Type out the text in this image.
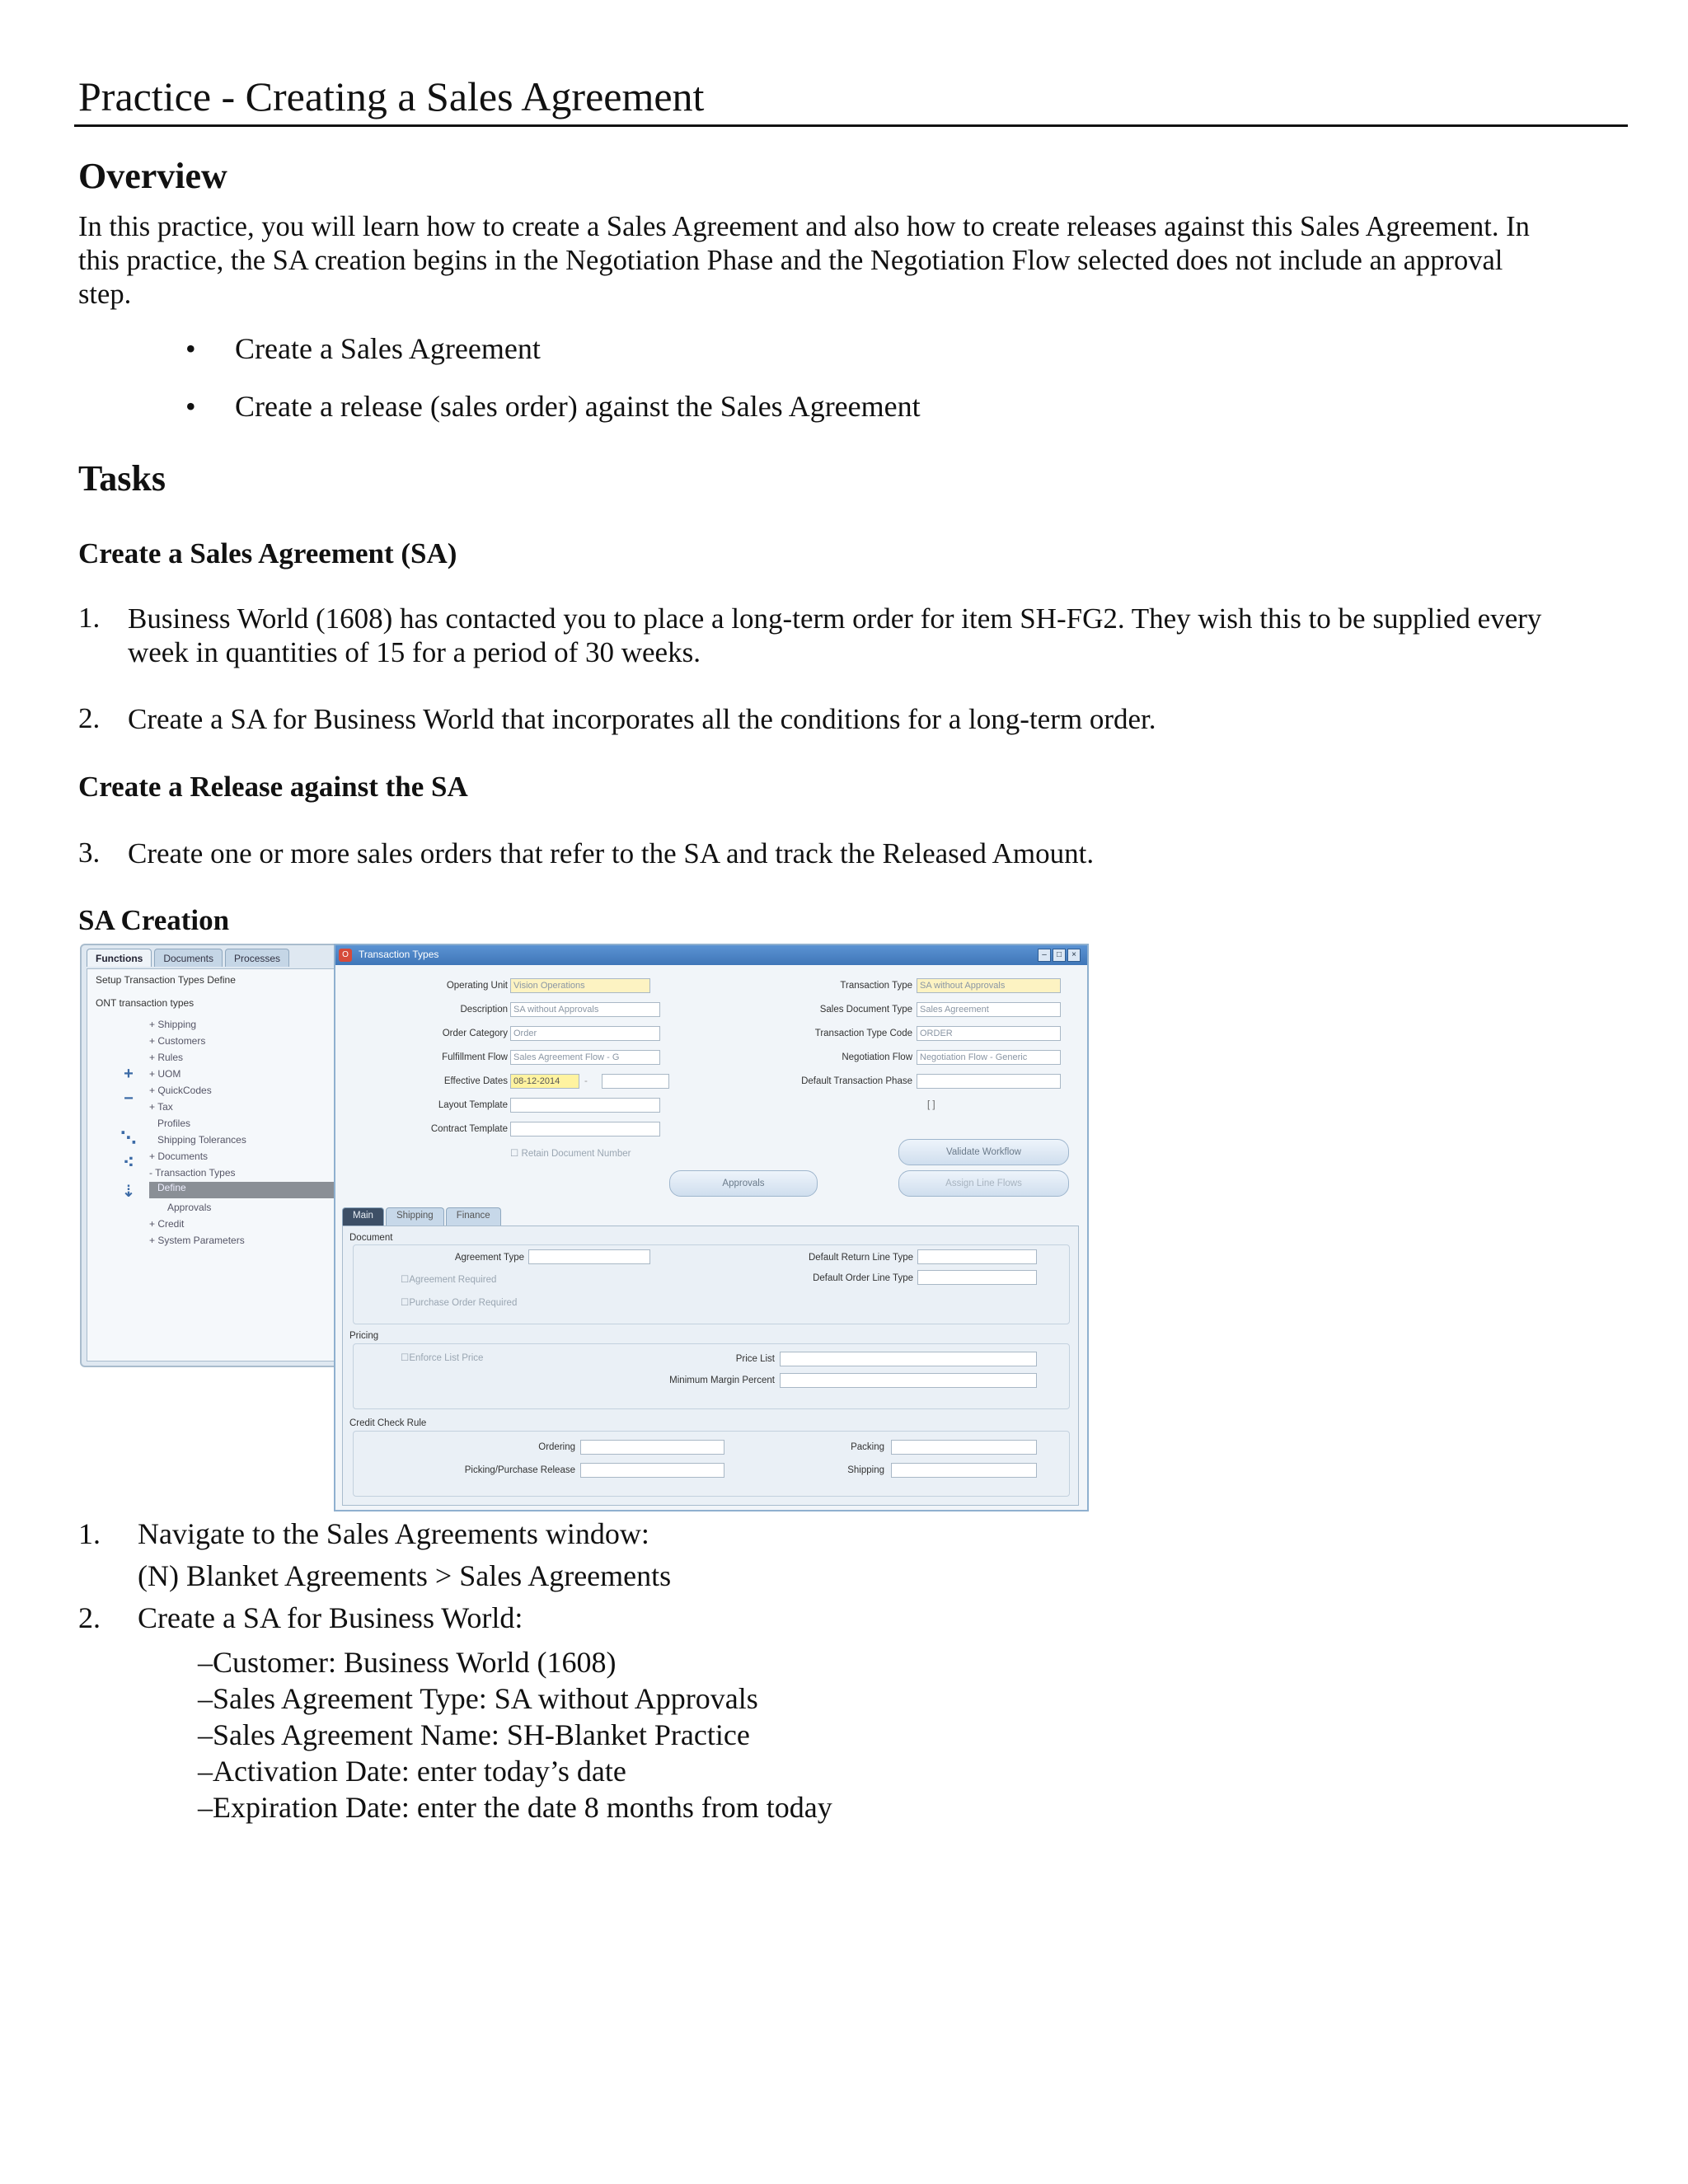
Practice - Creating a Sales Agreement
Overview

In this practice, you will learn how to create a Sales Agreement and also how to create releases against this Sales Agreement. In

this practice, the SA creation begins in the Negotiation Phase and the Negotiation Flow selected does not include an approval

step.

• Create a Sales Agreement
• Create a release (sales order) against the Sales Agreement
Tasks
Create a Sales Agreement (SA)
1. Business World (1608) has contacted you to place a long-term order for item SH-FG2. They wish this to be supplied every
week in quantities of 15 for a period of 30 weeks.
2. Create a SA for Business World that incorporates all the conditions for a long-term order.
Create a Release against the SA
3. Create one or more sales orders that refer to the SA and track the Released Amount.
SA Creation
Functions	Documents	Processes
Setup Transaction Types Define
ONT transaction types
+
−
⋱
⁖
⇣
+ Shipping
+ Customers
+ Rules
+ UOM
+ QuickCodes
+ Tax
Profiles
Shipping Tolerances
+ Documents
- Transaction Types
Define
Approvals
+ Credit
+ System Parameters
O	Transaction Types	–	□	×
Operating Unit Vision Operations
Description SA without Approvals
Order Category Order
Fulfillment Flow Sales Agreement Flow - G
Effective Dates 08-12-2014	-
Layout Template
Contract Template
Transaction Type SA without Approvals
Sales Document Type Sales Agreement
Transaction Type Code ORDER
Negotiation Flow Negotiation Flow - Generic
Default Transaction Phase
[ ]
☐ Retain Document Number	Validate Workflow
Approvals	Assign Line Flows
Main	Shipping	Finance
Document
Agreement Type
☐Agreement Required
☐Purchase Order Required
Default Return Line Type
Default Order Line Type
Pricing
☐Enforce List Price	Price List
Minimum Margin Percent
Credit Check Rule
Ordering
Picking/Purchase Release
Packing
Shipping
1. Navigate to the Sales Agreements window:
(N) Blanket Agreements > Sales Agreements
2. Create a SA for Business World:
–Customer: Business World (1608)
–Sales Agreement Type: SA without Approvals
–Sales Agreement Name: SH-Blanket Practice
–Activation Date: enter today’s date
–Expiration Date: enter the date 8 months from today
